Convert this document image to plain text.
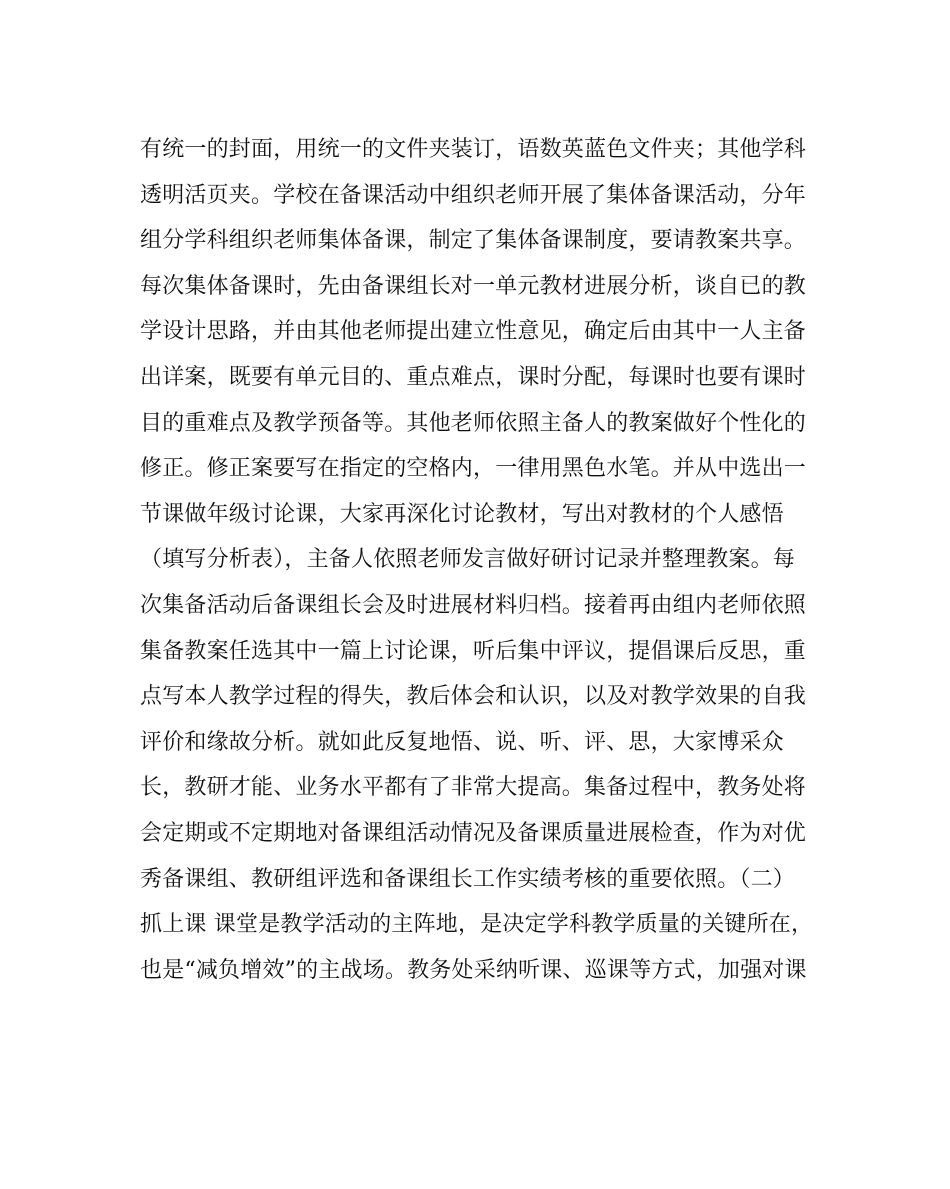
有统一的封面，用统一的文件夹装订，语数英蓝色文件夹；其他学科
透明活页夹。学校在备课活动中组织老师开展了集体备课活动，分年
组分学科组织老师集体备课，制定了集体备课制度，要请教案共享。
每次集体备课时，先由备课组长对一单元教材进展分析，谈自已的教
学设计思路，并由其他老师提出建立性意见，确定后由其中一人主备
出详案，既要有单元目的、重点难点，课时分配，每课时也要有课时
目的重难点及教学预备等。其他老师依照主备人的教案做好个性化的
修正。修正案要写在指定的空格内，一律用黑色水笔。并从中选出一
节课做年级讨论课，大家再深化讨论教材，写出对教材的个人感悟
（填写分析表），主备人依照老师发言做好研讨记录并整理教案。每
次集备活动后备课组长会及时进展材料归档。接着再由组内老师依照
集备教案任选其中一篇上讨论课，听后集中评议，提倡课后反思，重
点写本人教学过程的得失，教后体会和认识，以及对教学效果的自我
评价和缘故分析。就如此反复地悟、说、听、评、思，大家博采众
长，教研才能、业务水平都有了非常大提高。集备过程中，教务处将
会定期或不定期地对备课组活动情况及备课质量进展检查，作为对优
秀备课组、教研组评选和备课组长工作实绩考核的重要依照。（二）
抓上课 课堂是教学活动的主阵地，是决定学科教学质量的关键所在，
也是“减负增效”的主战场。教务处采纳听课、巡课等方式，加强对课
